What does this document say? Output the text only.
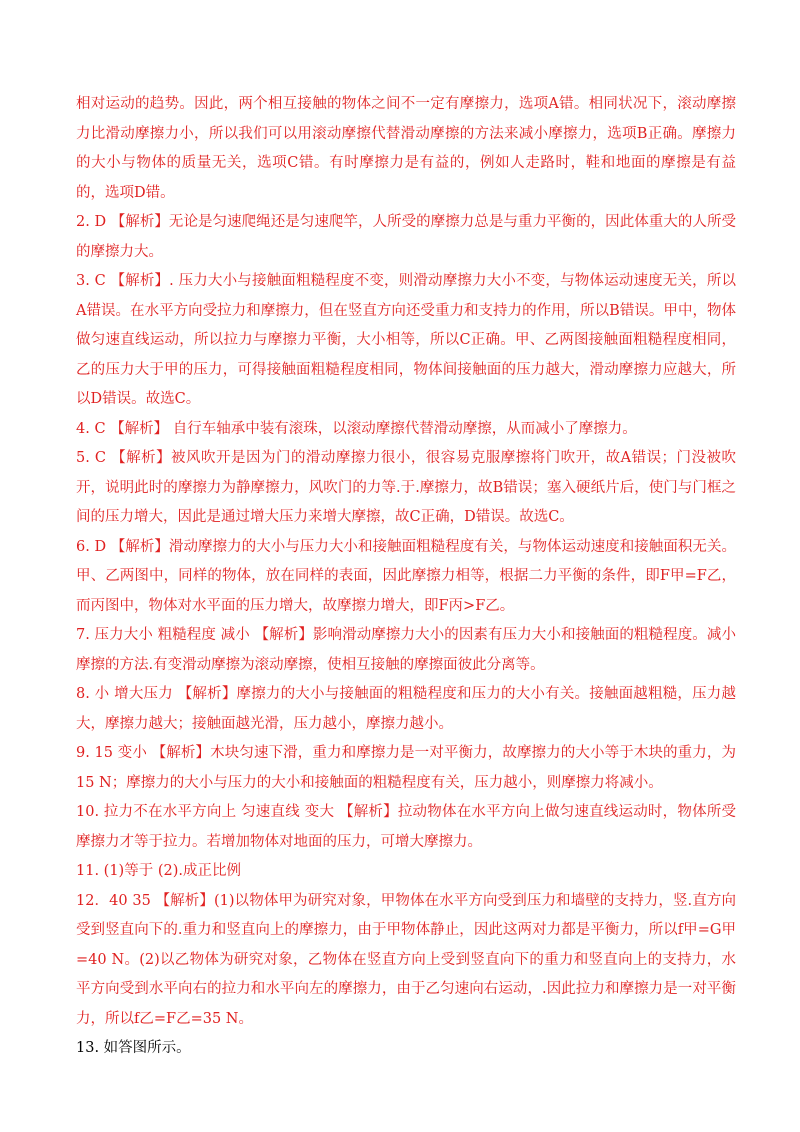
相对运动的趋势。因此，两个相互接触的物体之间不一定有摩擦力，选项A错。相同状况下，滚动摩擦力比滑动摩擦力小，所以我们可以用滚动摩擦代替滑动摩擦的方法来减小摩擦力，选项B正确。摩擦力的大小与物体的质量无关，选项C错。有时摩擦力是有益的，例如人走路时，鞋和地面的摩擦是有益的，选项D错。

2. D 【解析】无论是匀速爬绳还是匀速爬竿，人所受的摩擦力总是与重力平衡的，因此体重大的人所受的摩擦力大。

3. C 【解析】. 压力大小与接触面粗糙程度不变，则滑动摩擦力大小不变，与物体运动速度无关，所以A错误。在水平方向受拉力和摩擦力，但在竖直方向还受重力和支持力的作用，所以B错误。甲中，物体做匀速直线运动，所以拉力与摩擦力平衡，大小相等，所以C正确。甲、乙两图接触面粗糙程度相同，乙的压力大于甲的压力，可得接触面粗糙程度相同，物体间接触面的压力越大，滑动摩擦力应越大，所以D错误。故选C。

4. C 【解析】 自行车轴承中装有滚珠，以滚动摩擦代替滑动摩擦，从而减小了摩擦力。

5. C 【解析】被风吹开是因为门的滑动摩擦力很小，很容易克服摩擦将门吹开，故A错误；门没被吹开，说明此时的摩擦力为静摩擦力，风吹门的力等.于.摩擦力，故B错误；塞入硬纸片后，使门与门框之间的压力增大，因此是通过增大压力来增大摩擦，故C正确，D错误。故选C。

6. D 【解析】滑动摩擦力的大小与压力大小和接触面粗糙程度有关，与物体运动速度和接触面积无关。甲、乙两图中，同样的物体，放在同样的表面，因此摩擦力相等，根据二力平衡的条件，即F甲=F乙，而丙图中，物体对水平面的压力增大，故摩擦力增大，即F丙>F乙。

7. 压力大小 粗糙程度 减小 【解析】影响滑动摩擦力大小的因素有压力大小和接触面的粗糙程度。减小摩擦的方法.有变滑动摩擦为滚动摩擦，使相互接触的摩擦面彼此分离等。

8. 小 增大压力 【解析】摩擦力的大小与接触面的粗糙程度和压力的大小有关。接触面越粗糙，压力越大，摩擦力越大；接触面越光滑，压力越小，摩擦力越小。

9. 15 变小 【解析】木块匀速下滑，重力和摩擦力是一对平衡力，故摩擦力的大小等于木块的重力，为15 N；摩擦力的大小与压力的大小和接触面的粗糙程度有关，压力越小，则摩擦力将减小。

10. 拉力不在水平方向上 匀速直线 变大 【解析】拉动物体在水平方向上做匀速直线运动时，物体所受摩擦力才等于拉力。若增加物体对地面的压力，可增大摩擦力。

11. (1)等于 (2).成正比例

12．40 35 【解析】(1)以物体甲为研究对象，甲物体在水平方向受到压力和墙壁的支持力，竖.直方向受到竖直向下的.重力和竖直向上的摩擦力，由于甲物体静止，因此这两对力都是平衡力，所以f甲=G甲=40 N。(2)以乙物体为研究对象，乙物体在竖直方向上受到竖直向下的重力和竖直向上的支持力，水平方向受到水平向右的拉力和水平向左的摩擦力，由于乙匀速向右运动，.因此拉力和摩擦力是一对平衡力，所以f乙=F乙=35 N。

13. 如答图所示。
